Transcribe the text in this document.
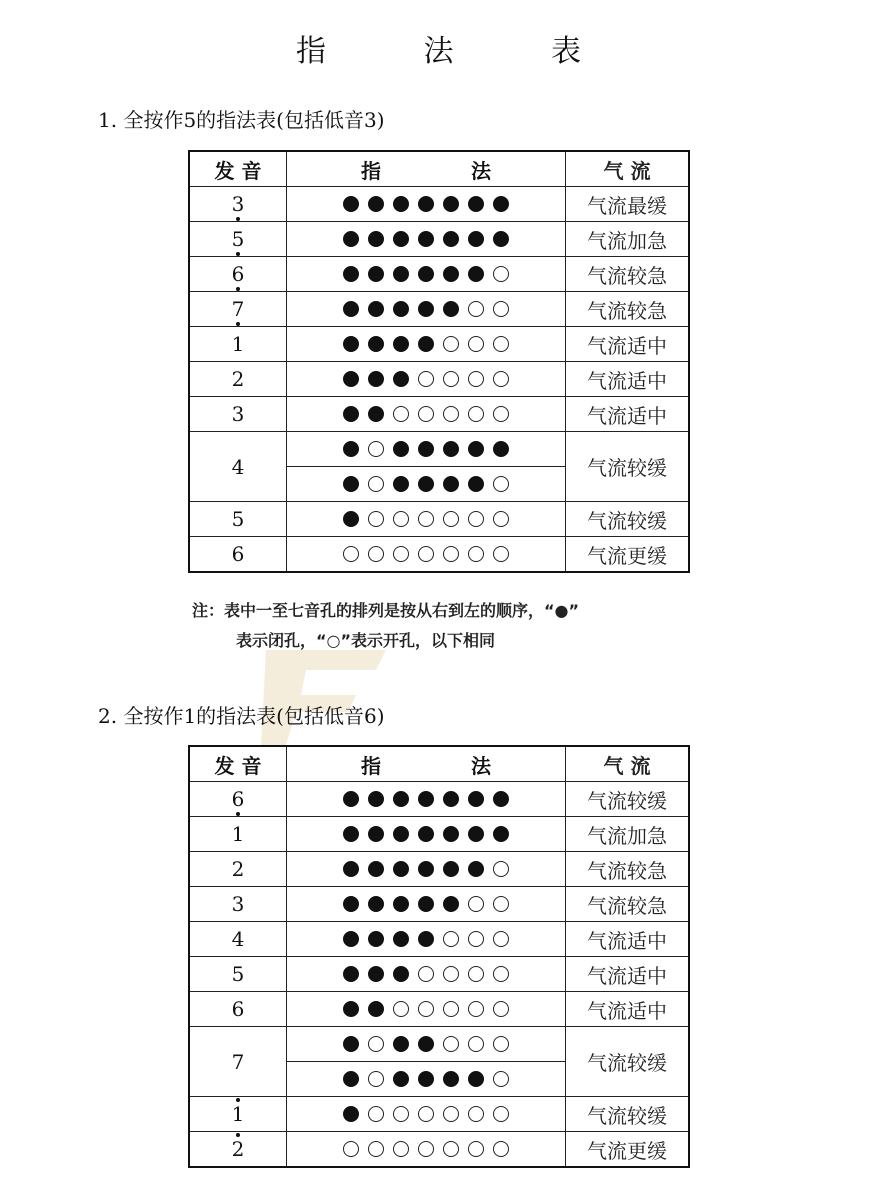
指 法 表
1. 全按作5的指法表(包括低音3)
发 音	指 法	气 流
3		气流最缓
5		气流加急
6		气流较急
7		气流较急
1		气流适中
2		气流适中
3		气流适中
4		气流较缓

5		气流较缓
6		气流更缓
注：表中一至七音孔的排列是按从右到左的顺序，“●”
表示闭孔，“○”表示开孔，以下相同
2. 全按作1的指法表(包括低音6)
发 音	指 法	气 流
6		气流较缓
1		气流加急
2		气流较急
3		气流较急
4		气流适中
5		气流适中
6		气流适中
7		气流较缓

1		气流较缓
2		气流更缓
